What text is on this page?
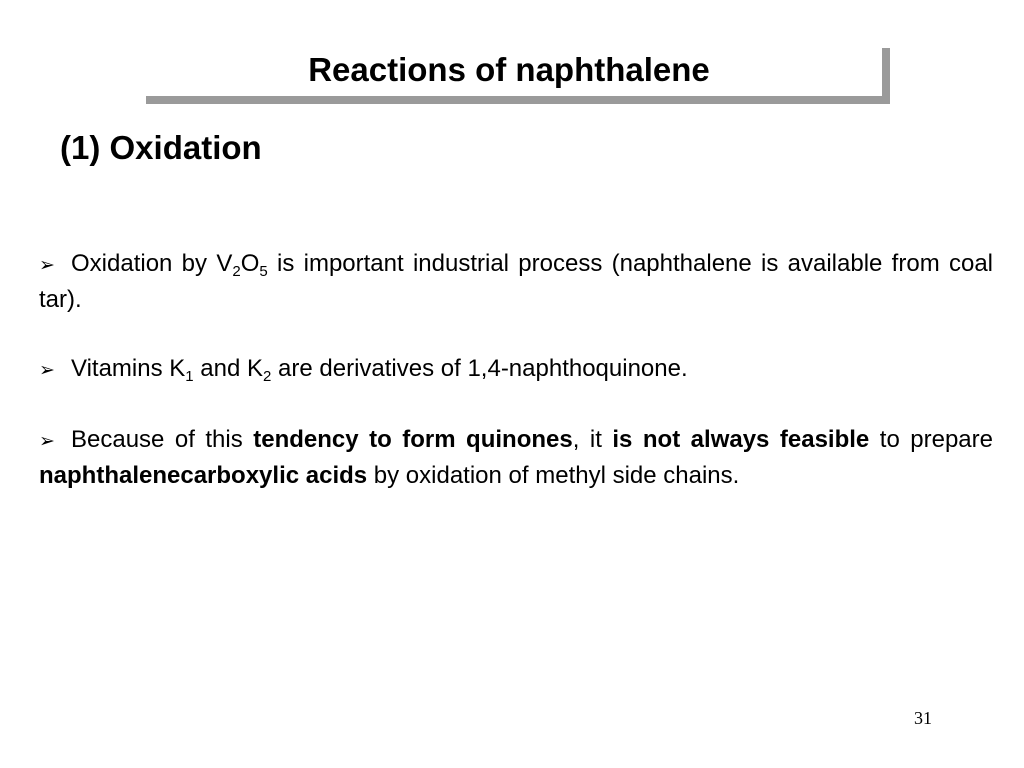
Reactions of naphthalene
(1) Oxidation

➢ Oxidation by $V_2O_5$ is important industrial process (naphthalene is available from coal tar).

➢ Vitamins $K_1$ and $K_2$ are derivatives of 1,4-naphthoquinone.

➢ Because of this tendency to form quinones, it is not always feasible to prepare naphthalenecarboxylic acids by oxidation of methyl side chains.

31
